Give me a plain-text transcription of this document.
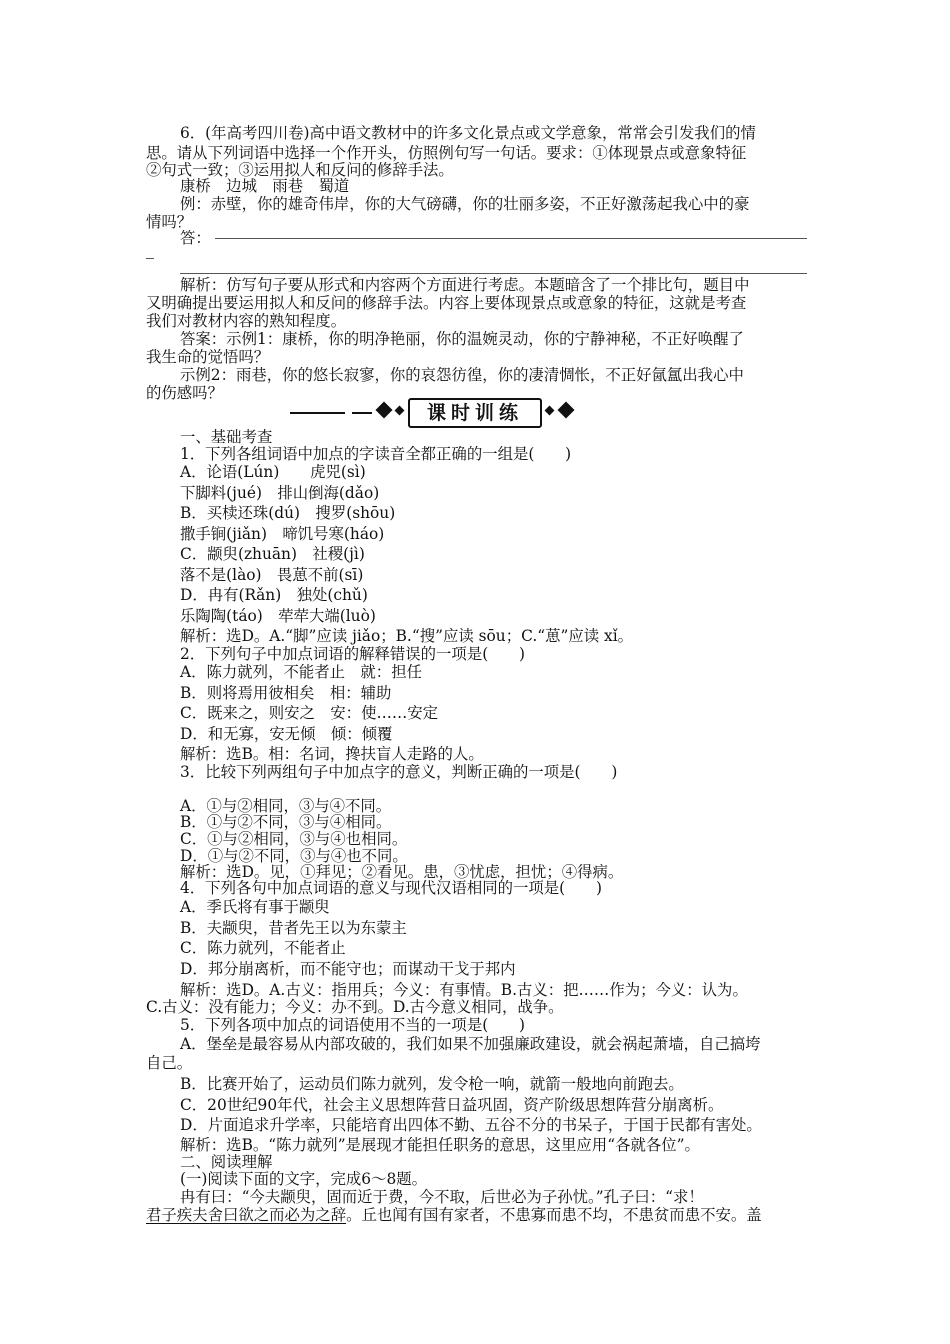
6．(年高考四川卷)高中语文教材中的许多文化景点或文学意象，常常会引发我们的情
思。请从下列词语中选择一个作开头，仿照例句写一句话。要求：①体现景点或意象特征
②句式一致；③运用拟人和反问的修辞手法。
康桥　边城　雨巷　蜀道
例：赤壁，你的雄奇伟岸，你的大气磅礴，你的壮丽多姿，不正好激荡起我心中的豪
情吗？
答：
解析：仿写句子要从形式和内容两个方面进行考虑。本题暗含了一个排比句，题目中
又明确提出要运用拟人和反问的修辞手法。内容上要体现景点或意象的特征，这就是考查
我们对教材内容的熟知程度。
答案：示例1：康桥，你的明净艳丽，你的温婉灵动，你的宁静神秘，不正好唤醒了
我生命的觉悟吗？
示例2：雨巷，你的悠长寂寥，你的哀怨彷徨，你的凄清惆怅，不正好氤氲出我心中
的伤感吗？
课时训练
一、基础考查
1．下列各组词语中加点的字读音全都正确的一组是(　　)
A．论语(Lún)　　虎兕(sì)
下脚料(jué)　排山倒海(dǎo)
B．买椟还珠(dú)　搜罗(shōu)
撒手锏(jiǎn)　啼饥号寒(háo)
C．颛臾(zhuān)　社稷(jì)
落不是(lào)　畏葸不前(sī)
D．冉有(Rǎn)　独处(chǔ)
乐陶陶(táo)　荦荦大端(luò)
解析：选D。A.“脚”应读 jiǎo；B.“搜”应读 sōu；C.“葸”应读 xǐ。
2．下列句子中加点词语的解释错误的一项是(　　)
A．陈力就列，不能者止　就：担任
B．则将焉用彼相矣　相：辅助
C．既来之，则安之　安：使……安定
D．和无寡，安无倾　倾：倾覆
解析：选B。相：名词，搀扶盲人走路的人。
3．比较下列两组句子中加点字的意义，判断正确的一项是(　　)
A．①与②相同，③与④不同。
B．①与②不同，③与④相同。
C．①与②相同，③与④也相同。
D．①与②不同，③与④也不同。
解析：选D。见，①拜见；②看见。患，③忧虑，担忧；④得病。
4．下列各句中加点词语的意义与现代汉语相同的一项是(　　)
A．季氏将有事于颛臾
B．夫颛臾，昔者先王以为东蒙主
C．陈力就列，不能者止
D．邦分崩离析，而不能守也；而谋动干戈于邦内
解析：选D。A.古义：指用兵；今义：有事情。B.古义：把……作为；今义：认为。
C.古义：没有能力；今义：办不到。D.古今意义相同，战争。
5．下列各项中加点的词语使用不当的一项是(　　)
A．堡垒是最容易从内部攻破的，我们如果不加强廉政建设，就会祸起萧墙，自己搞垮
自己。
B．比赛开始了，运动员们陈力就列，发令枪一响，就箭一般地向前跑去。
C．20世纪90年代，社会主义思想阵营日益巩固，资产阶级思想阵营分崩离析。
D．片面追求升学率，只能培育出四体不勤、五谷不分的书呆子，于国于民都有害处。
解析：选B。“陈力就列”是展现才能担任职务的意思，这里应用“各就各位”。
二、阅读理解
(一)阅读下面的文字，完成6～8题。
冉有曰：“今夫颛臾，固而近于费，今不取，后世必为子孙忧。”孔子曰：“求！
君子疾夫舍曰欲之而必为之辞。丘也闻有国有家者，不患寡而患不均，不患贫而患不安。盖
